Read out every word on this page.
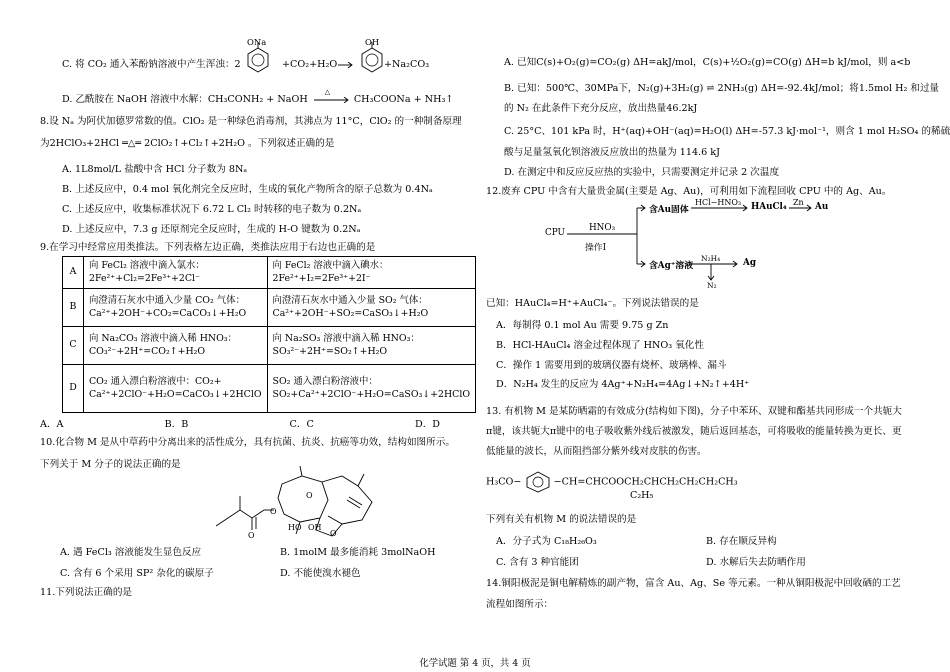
C. 将 CO₂ 通入苯酚钠溶液中产生浑浊：2
ONa
+CO₂+H₂O →
OH
+Na₂CO₃
D. 乙酰胺在 NaOH 溶液中水解：CH₃CONH₂ + NaOH
△
CH₃COONa + NH₃↑
8.设 Nₐ 为阿伏加德罗常数的值。ClO₂ 是一种绿色消毒剂，其沸点为 11°C，ClO₂ 的一种制备原理
为2HClO₃+2HCl ═△═ 2ClO₂↑+Cl₂↑+2H₂O 。下列叙述正确的是
A. 1L8mol/L 盐酸中含 HCl 分子数为 8Nₐ
B. 上述反应中，0.4 mol 氧化剂完全反应时，生成的氧化产物所含的原子总数为 0.4Nₐ
C. 上述反应中，收集标准状况下 6.72 L Cl₂ 时转移的电子数为 0.2Nₐ
D. 上述反应中，7.3 g 还原剂完全反应时，生成的 H-O 键数为 0.2Nₐ
9.在学习中经常应用类推法。下列表格左边正确，类推法应用于右边也正确的是
A	向 FeCl₂ 溶液中滴入氯水：2Fe²⁺+Cl₂=2Fe³⁺+2Cl⁻	向 FeCl₂ 溶液中滴入碘水：2Fe²⁺+I₂=2Fe³⁺+2I⁻
B	向澄清石灰水中通入少量 CO₂ 气体：Ca²⁺+2OH⁻+CO₂=CaCO₃↓+H₂O	向澄清石灰水中通入少量 SO₂ 气体：Ca²⁺+2OH⁻+SO₂=CaSO₃↓+H₂O
C	向 Na₂CO₃ 溶液中滴入稀 HNO₃：CO₃²⁻+2H⁺=CO₂↑+H₂O	向 Na₂SO₃ 溶液中滴入稀 HNO₃：SO₃²⁻+2H⁺=SO₂↑+H₂O
D	CO₂ 通入漂白粉溶液中：CO₂+ Ca²⁺+2ClO⁻+H₂O=CaCO₃↓+2HClO	SO₂ 通入漂白粉溶液中：SO₂+Ca²⁺+2ClO⁻+H₂O=CaSO₃↓+2HClO
A．A	B．B	C．C	D．D
10.化合物 M 是从中草药中分离出来的活性成分，具有抗菌、抗炎、抗癌等功效，结构如图所示。
下列关于 M 分子的说法正确的是
O
O
O
HO OH
O
A. 遇 FeCl₃ 溶液能发生显色反应	B. 1molM 最多能消耗 3molNaOH
C. 含有 6 个采用 SP² 杂化的碳原子	D. 不能使溴水褪色
11.下列说法正确的是
A. 已知C(s)+O₂(g)=CO₂(g) ΔH=akJ/mol，C(s)+½O₂(g)=CO(g) ΔH=b kJ/mol，则 a<b
B. 已知：500℃、30MPa下，N₂(g)+3H₂(g) ⇌ 2NH₃(g) ΔH=-92.4kJ/mol；将1.5mol H₂ 和过量
的 N₂ 在此条件下充分反应，放出热量46.2kJ
C. 25°C、101 kPa 时，H⁺(aq)+OH⁻(aq)=H₂O(l) ΔH=-57.3 kJ·mol⁻¹，则含 1 mol H₂SO₄ 的稀硫
酸与足量氢氧化钡溶液反应放出的热量为 114.6 kJ
D. 在测定中和反应反应热的实验中，只需要测定并记录 2 次温度
12.废弃 CPU 中含有大量贵金属(主要是 Ag、Au)，可利用如下流程回收 CPU 中的 Ag、Au。
CPU	HNO₃
操作Ⅰ
含Au固体
HCl−HNO₃ HAuCl₄ Zn Au
含Ag⁺溶液
N₂H₄	Ag
N₂
已知：HAuCl₄=H⁺+AuCl₄⁻。下列说法错误的是
A．每制得 0.1 mol Au 需要 9.75 g Zn
B．HCl-HAuCl₄ 溶金过程体现了 HNO₃ 氧化性
C．操作 1 需要用到的玻璃仪器有烧杯、玻璃棒、漏斗
D．N₂H₄ 发生的反应为 4Ag⁺+N₂H₄=4Ag↓+N₂↑+4H⁺
13. 有机物 M 是某防晒霜的有效成分(结构如下图)，分子中苯环、双键和酯基共同形成一个共轭大
π键，该共轭大π键中的电子吸收紫外线后被激发，随后返回基态，可将吸收的能量转换为更长、更
低能量的波长，从而阻挡部分紫外线对皮肤的伤害。
H₃CO−	−CH=CHCOOCH₂CHCH₂CH₂CH₂CH₃
C₂H₅
下列有关有机物 M 的说法错误的是
A．分子式为 C₁₈H₂₆O₃	B. 存在顺反异构
C. 含有 3 种官能团	D. 水解后失去防晒作用
14.铜阳极泥是铜电解精炼的副产物，富含 Au、Ag、Se 等元素。一种从铜阳极泥中回收硒的工艺
流程如图所示：
化学试题 第 4 页，共 4 页
